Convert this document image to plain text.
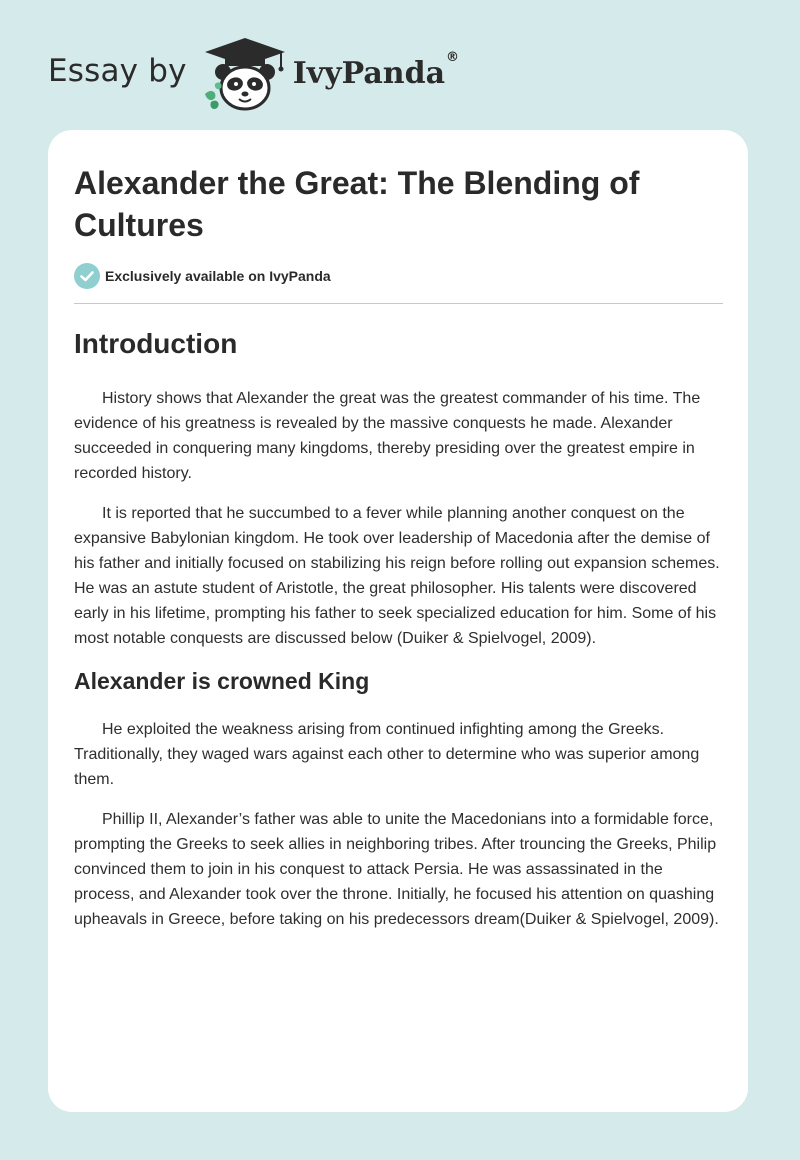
Essay by	IvyPanda®
Alexander the Great: The Blending of Cultures
Exclusively available on IvyPanda
Introduction

History shows that Alexander the great was the greatest commander of his time. The evidence of his greatness is revealed by the massive conquests he made. Alexander succeeded in conquering many kingdoms, thereby presiding over the greatest empire in recorded history.

It is reported that he succumbed to a fever while planning another conquest on the expansive Babylonian kingdom. He took over leadership of Macedonia after the demise of his father and initially focused on stabilizing his reign before rolling out expansion schemes. He was an astute student of Aristotle, the great philosopher. His talents were discovered early in his lifetime, prompting his father to seek specialized education for him. Some of his most notable conquests are discussed below (Duiker & Spielvogel, 2009).

Alexander is crowned King

He exploited the weakness arising from continued infighting among the Greeks. Traditionally, they waged wars against each other to determine who was superior among them.

Phillip II, Alexander’s father was able to unite the Macedonians into a formidable force, prompting the Greeks to seek allies in neighboring tribes. After trouncing the Greeks, Philip convinced them to join in his conquest to attack Persia. He was assassinated in the process, and Alexander took over the throne. Initially, he focused his attention on quashing upheavals in Greece, before taking on his predecessors dream(Duiker & Spielvogel, 2009).
